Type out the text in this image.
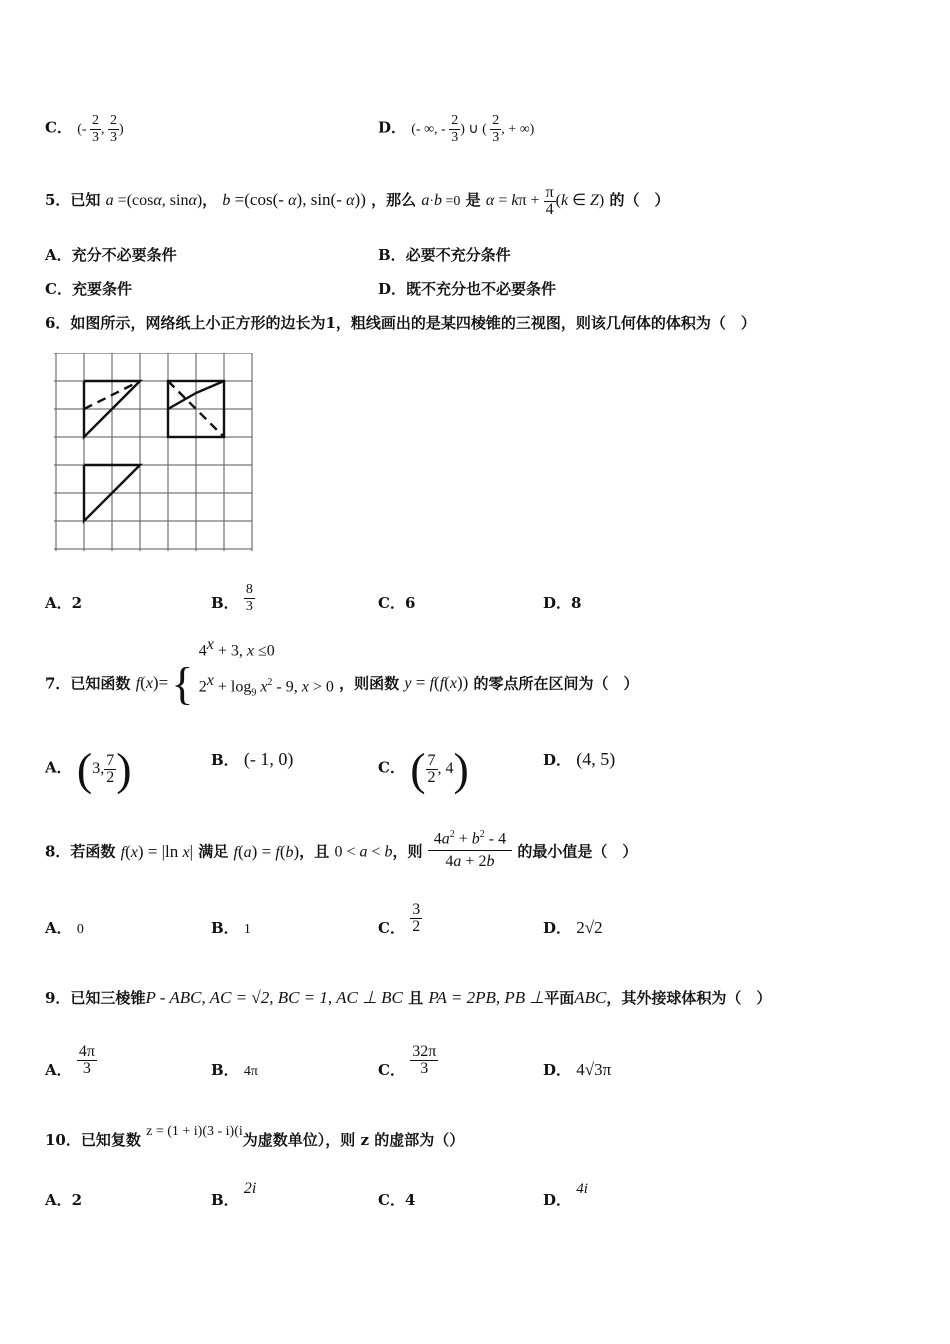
C． (- $\frac{2}{3}$ , $\frac{2}{3}$ )	D． (- ∞, - $\frac{2}{3}$ ) ∪ ( $\frac{2}{3}$ , + ∞)
5．已知 a =(cosα, sinα)， b =(cos(- α), sin(- α)) ，那么 a·b =0 是 $\alpha = k\pi + \frac{\pi}{4} (k$ ∈ Z) 的（　）
A．充分不必要条件	B．必要不充分条件
C．充要条件	D．既不充分也不必要条件
6．如图所示，网络纸上小正方形的边长为1，粗线画出的是某四棱锥的三视图，则该几何体的体积为（　）
A．2	B． $\frac{8}{3}$	C．6	D．8
7．已知函数 f(x)= {
$4^x + 3$, x ≤0
$2^x + \log_9 x^2 - 9$, x > 0 ，则函数 y = f(f(x)) 的零点所在区间为（　）
A． (3, $\frac{7}{2}$ )	B． (- 1, 0)	C． ( $\frac{7}{2}$ , 4)	D． (4, 5)
8．若函数 f(x) = |ln x| 满足 f(a) = f(b)，且 0 < a < b，则 $\frac{4a^2 + b^2 - 4}{4a + 2b}$ 的最小值是（　）
A． 0	B． 1	C． $\frac{3}{2}$	D． 2√2
9．已知三棱锥P - ABC, AC = √2, BC = 1, AC ⊥ BC 且 PA = 2PB, PB ⊥平面ABC，其外接球体积为（　）
A． $\frac{4\pi}{3}$	B． 4π	C． $\frac{32\pi}{3}$	D． 4√3π
10．已知复数 z = (1 + i)(3 - i)(i为虚数单位），则 z 的虚部为（）
A．2	B． 2i
C．4	D． 4i
